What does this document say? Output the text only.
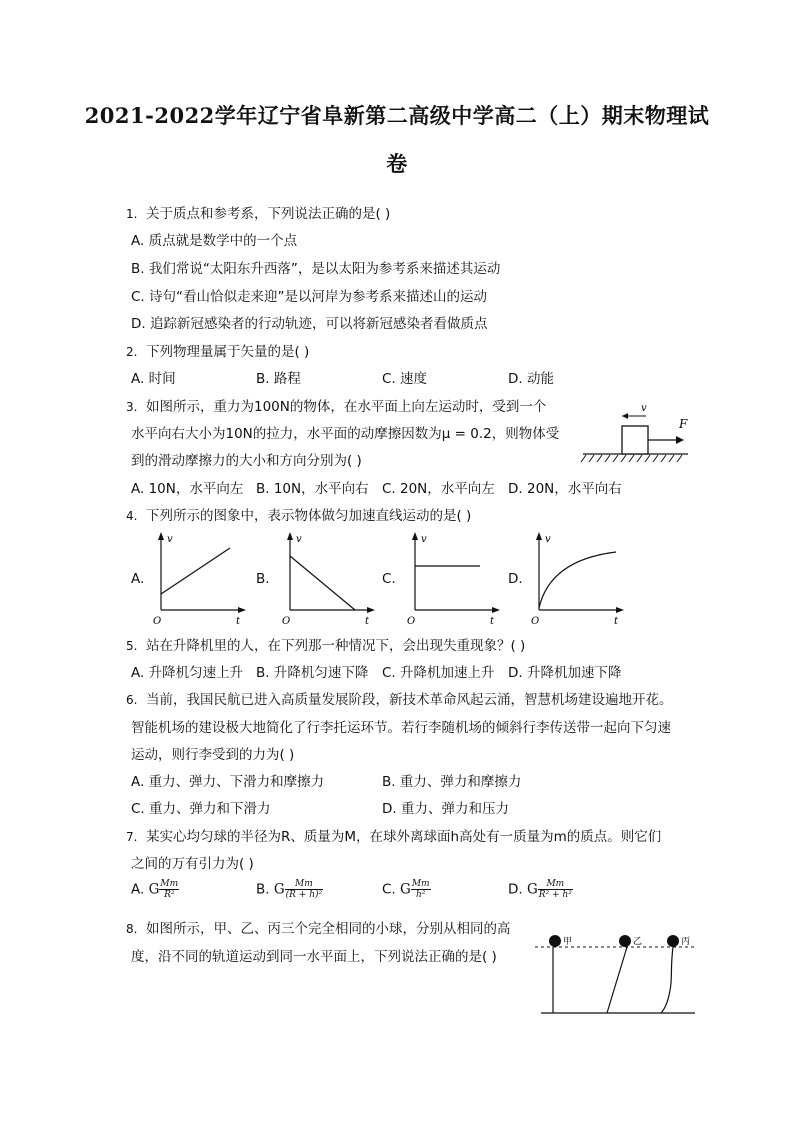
2021-2022学年辽宁省阜新第二高级中学高二（上）期末物理试
卷
1. 关于质点和参考系，下列说法正确的是( )
A. 质点就是数学中的一个点
B. 我们常说“太阳东升西落”，是以太阳为参考系来描述其运动
C. 诗句“看山恰似走来迎”是以河岸为参考系来描述山的运动
D. 追踪新冠感染者的行动轨迹，可以将新冠感染者看做质点
2. 下列物理量属于矢量的是( )
A. 时间	B. 路程	C. 速度	D. 动能
3. 如图所示，重力为100N的物体，在水平面上向左运动时，受到一个
水平向右大小为10N的拉力，水平面的动摩擦因数为μ = 0.2，则物体受
到的滑动摩擦力的大小和方向分别为( )
A. 10N，水平向左 B. 10N，水平向右 C. 20N，水平向左 D. 20N，水平向右
F
v
4. 下列所示的图象中，表示物体做匀加速直线运动的是( )
A.	B.	C.	D.
v
t
O
v
t
O
v
t
O
v
t
O
5. 站在升降机里的人，在下列那一种情况下，会出现失重现象？( )
A. 升降机匀速上升 B. 升降机匀速下降 C. 升降机加速上升 D. 升降机加速下降
6. 当前，我国民航已进入高质量发展阶段，新技术革命风起云涌，智慧机场建设遍地开花。
智能机场的建设极大地简化了行李托运环节。若行李随机场的倾斜行李传送带一起向下匀速
运动，则行李受到的力为( )
A. 重力、弹力、下滑力和摩擦力	B. 重力、弹力和摩擦力
C. 重力、弹力和下滑力	D. 重力、弹力和压力
7. 某实心均匀球的半径为R、质量为M，在球外离球面h高处有一质量为m的质点。则它们
之间的万有引力为( )
A. G $\frac{Mm}{\text{R²}}$	B. G $\frac{Mm}{\text{(R + h)²}}$	C. G $\frac{Mm}{\text{h²}}$	D. G $\frac{Mm}{\text{R² + h²}}$
8. 如图所示，甲、乙、丙三个完全相同的小球，分别从相同的高
度，沿不同的轨道运动到同一水平面上，下列说法正确的是( )
甲	乙	丙
